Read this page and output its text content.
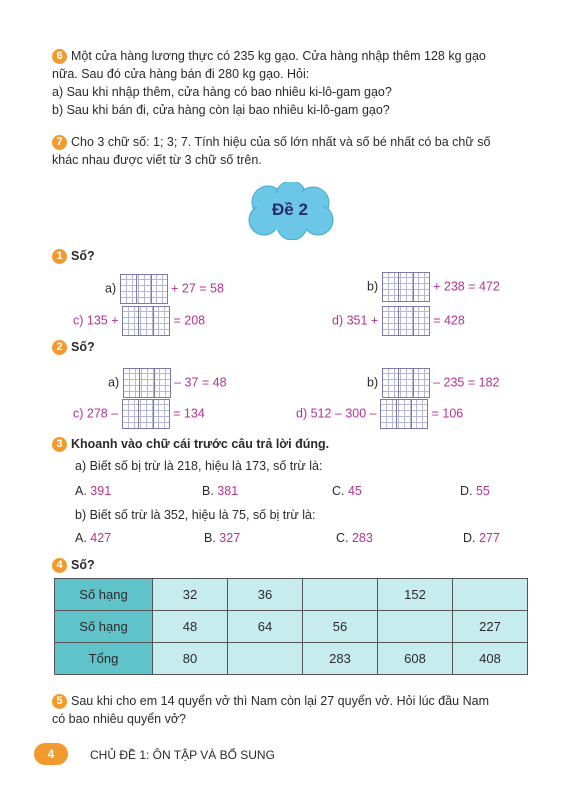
6 Một cửa hàng lương thực có 235 kg gạo. Cửa hàng nhập thêm 128 kg gạo
nữa. Sau đó cửa hàng bán đi 280 kg gạo. Hỏi:
a) Sau khi nhập thêm, cửa hàng có bao nhiêu ki-lô-gam gạo?
b) Sau khi bán đi, cửa hàng còn lại bao nhiêu ki-lô-gam gạo?
7 Cho 3 chữ số: 1; 3; 7. Tính hiệu của số lớn nhất và số bé nhất có ba chữ số
khác nhau được viết từ 3 chữ số trên.
Đề 2
1 Số?
a)	+ 27 = 58	b)	+ 238 = 472
c) 135 +	= 208	d) 351 +	= 428
2 Số?
a)	– 37 = 48	b)	– 235 = 182
c) 278 –	= 134	d) 512 – 300 –	= 106
3 Khoanh vào chữ cái trước câu trả lời đúng.
a) Biết số bị trừ là 218, hiệu là 173, số trừ là:
A. 391	B. 381	C. 45	D. 55
b) Biết số trừ là 352, hiệu là 75, số bị trừ là:
A. 427	B. 327	C. 283	D. 277
4 Số?
Số hạng	32	36		152	
Số hạng	48	64	56		227
Tổng	80		283	608	408
5 Sau khi cho em 14 quyển vở thì Nam còn lại 27 quyển vở. Hỏi lúc đầu Nam
có bao nhiêu quyển vở?
4	CHỦ ĐỀ 1: ÔN TẬP VÀ BỔ SUNG
